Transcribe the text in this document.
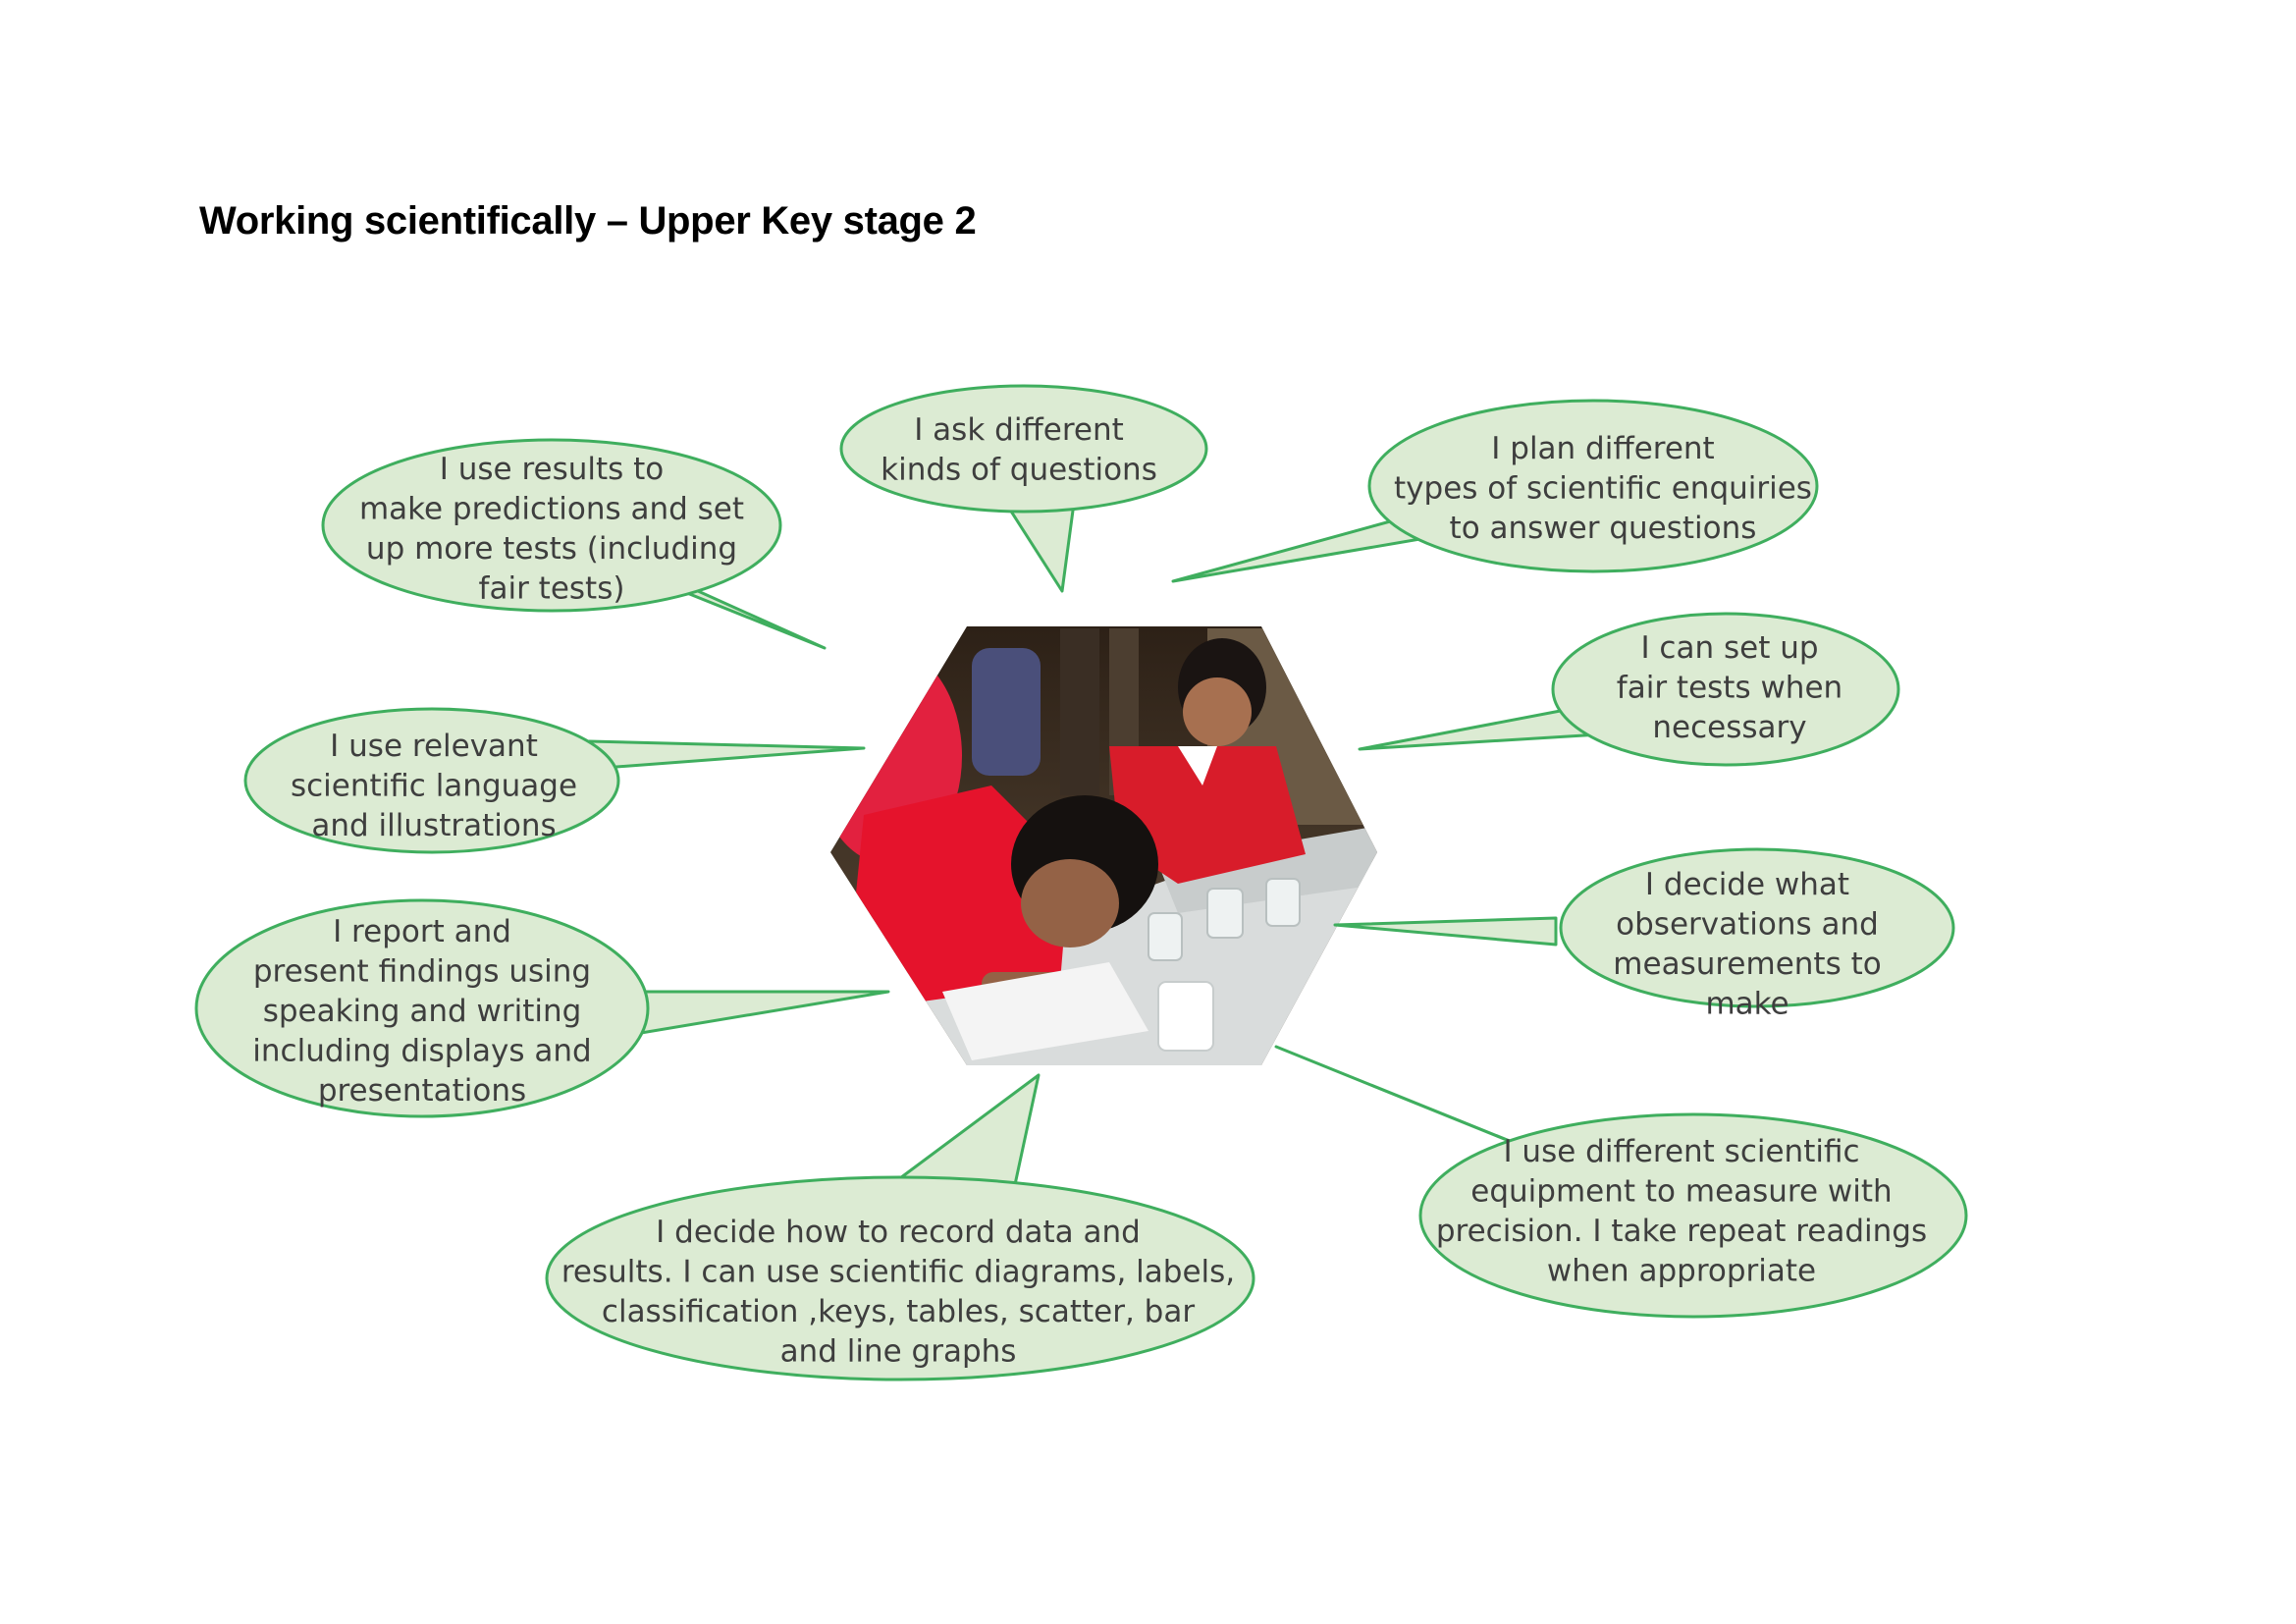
Working scientifically – Upper Key stage 2
I use results to make predictions and set up more tests (including fair tests)
I ask different kinds of questions
I plan different types of scientific enquiries to answer questions
I can set up fair tests when necessary
I use relevant scientific language and illustrations
I decide what observations and measurements to make
I report and present findings using speaking and writing including displays and presentations
I use different scientific equipment to measure with precision. I take repeat readings when appropriate
I decide how to record data and results. I can use scientific diagrams, labels, classification ,keys, tables, scatter, bar and line graphs
